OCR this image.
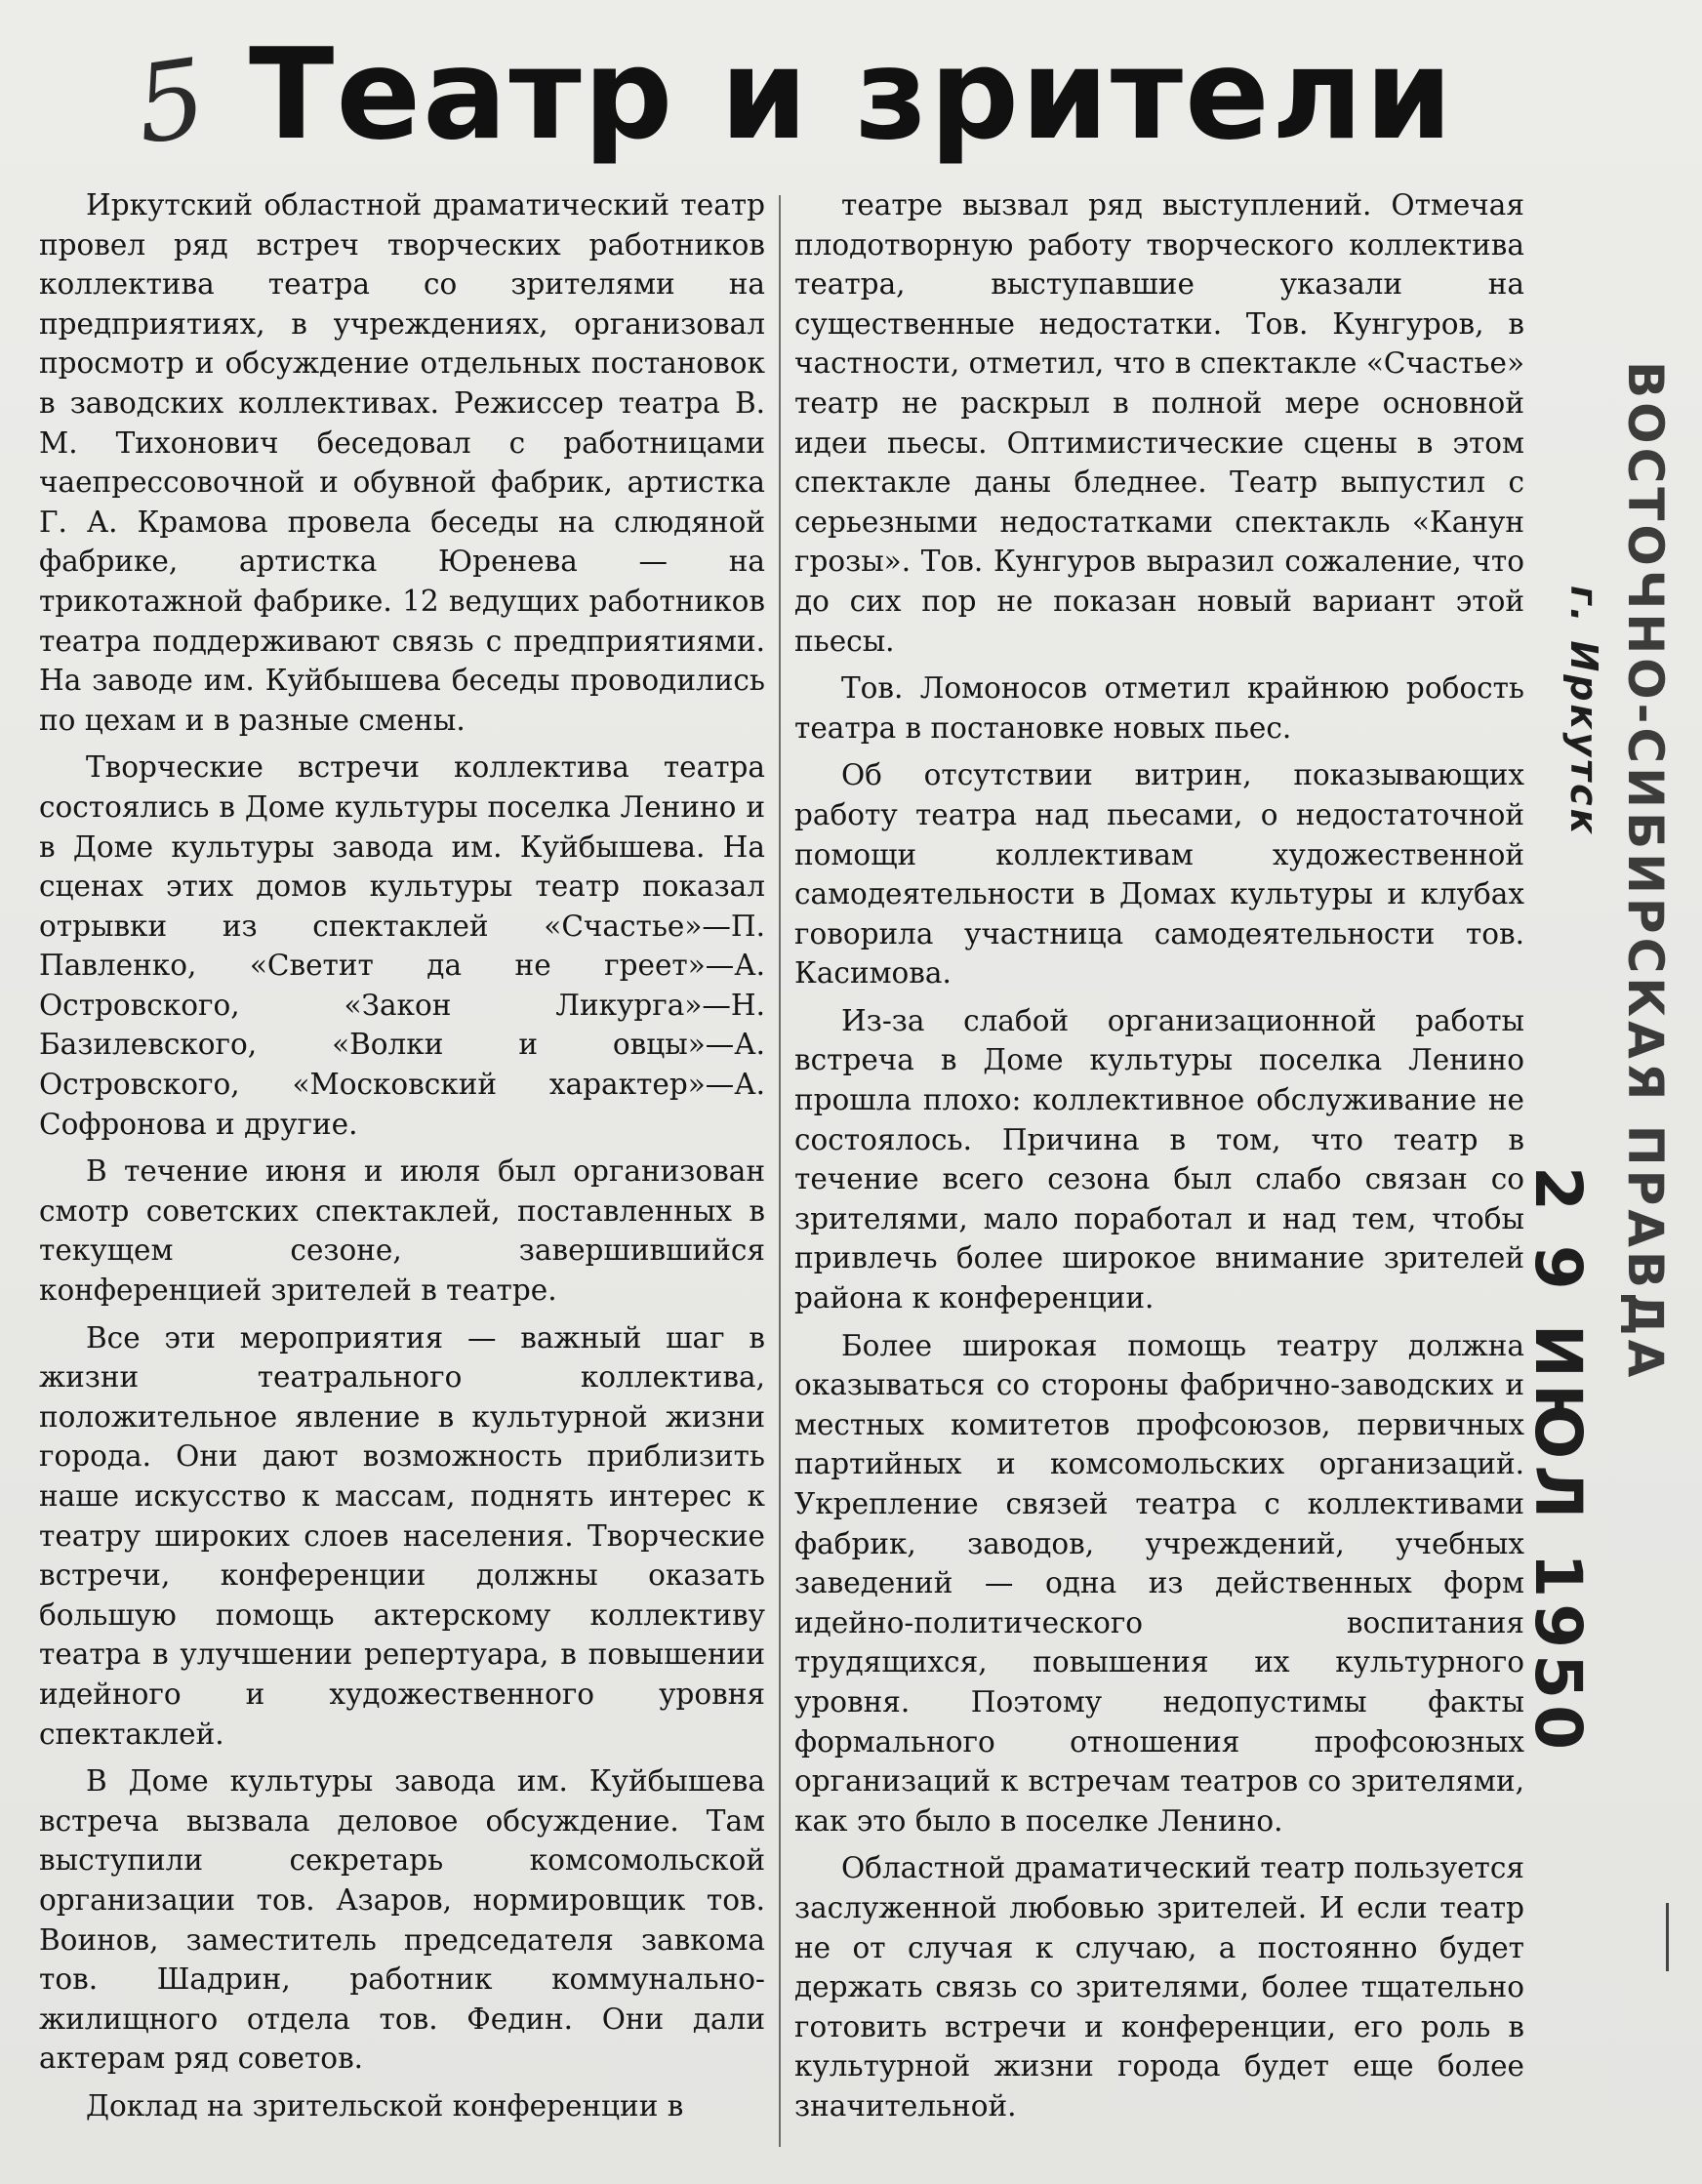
5 Театр и зрители

Иркутский областной драматический театр провел ряд встреч творческих работников коллектива театра со зрителями на предприятиях, в учреждениях, организовал просмотр и обсуждение отдельных постановок в заводских коллективах. Режиссер театра В. М. Тихонович беседовал с работницами чаепрессовочной и обувной фабрик, артистка Г. А. Крамова провела беседы на слюдяной фабрике, артистка Юренева — на трикотажной фабрике. 12 ведущих работников театра поддерживают связь с предприятиями. На заводе им. Куйбышева беседы проводились по цехам и в разные смены.

Творческие встречи коллектива театра состоялись в Доме культуры поселка Ленино и в Доме культуры завода им. Куйбышева. На сценах этих домов культуры театр показал отрывки из спектаклей «Счастье»—П. Павленко, «Светит да не греет»—А. Островского, «Закон Ликурга»—Н. Базилевского, «Волки и овцы»—А. Островского, «Московский характер»—А. Софронова и другие.

В течение июня и июля был организован смотр советских спектаклей, поставленных в текущем сезоне, завершившийся конференцией зрителей в театре.

Все эти мероприятия — важный шаг в жизни театрального коллектива, положительное явление в культурной жизни города. Они дают возможность приблизить наше искусство к массам, поднять интерес к театру широких слоев населения. Творческие встречи, конференции должны оказать большую помощь актерскому коллективу театра в улучшении репертуара, в повышении идейного и художественного уровня спектаклей.

В Доме культуры завода им. Куйбышева встреча вызвала деловое обсуждение. Там выступили секретарь комсомольской организации тов. Азаров, нормировщик тов. Воинов, заместитель председателя завкома тов. Шадрин, работник коммунально-жилищного отдела тов. Федин. Они дали актерам ряд советов.

Доклад на зрительской конференции в

театре вызвал ряд выступлений. Отмечая плодотворную работу творческого коллектива театра, выступавшие указали на существенные недостатки. Тов. Кунгуров, в частности, отметил, что в спектакле «Счастье» театр не раскрыл в полной мере основной идеи пьесы. Оптимистические сцены в этом спектакле даны бледнее. Театр выпустил с серьезными недостатками спектакль «Канун грозы». Тов. Кунгуров выразил сожаление, что до сих пор не показан новый вариант этой пьесы.

Тов. Ломоносов отметил крайнюю робость театра в постановке новых пьес.

Об отсутствии витрин, показывающих работу театра над пьесами, о недостаточной помощи коллективам художественной самодеятельности в Домах культуры и клубах говорила участница самодеятельности тов. Касимова.

Из-за слабой организационной работы встреча в Доме культуры поселка Ленино прошла плохо: коллективное обслуживание не состоялось. Причина в том, что театр в течение всего сезона был слабо связан со зрителями, мало поработал и над тем, чтобы привлечь более широкое внимание зрителей района к конференции.

Более широкая помощь театру должна оказываться со стороны фабрично-заводских и местных комитетов профсоюзов, первичных партийных и комсомольских организаций. Укрепление связей театра с коллективами фабрик, заводов, учреждений, учебных заведений — одна из действенных форм идейно-политического воспитания трудящихся, повышения их культурного уровня. Поэтому недопустимы факты формального отношения профсоюзных организаций к встречам театров со зрителями, как это было в поселке Ленино.

Областной драматический театр пользуется заслуженной любовью зрителей. И если театр не от случая к случаю, а постоянно будет держать связь со зрителями, более тщательно готовить встречи и конференции, его роль в культурной жизни города будет еще более значительной.

ВОСТОЧНО-СИБИРСКАЯ ПРАВДА
г. Иркутск
2 9 ИЮЛ 1950
